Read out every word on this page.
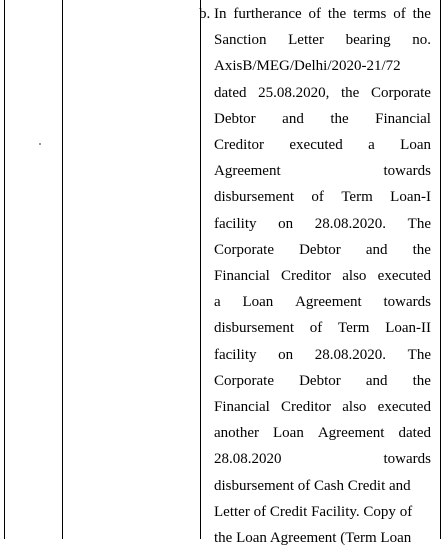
b. In furtherance of the terms of the
Sanction Letter bearing no.
AxisB/MEG/Delhi/2020-21/72
dated 25.08.2020, the Corporate
Debtor and the Financial
Creditor executed a Loan
Agreement	towards
disbursement of Term Loan-I
facility on 28.08.2020. The
Corporate Debtor and the
Financial Creditor also executed
a Loan Agreement towards
disbursement of Term Loan-II
facility on 28.08.2020. The
Corporate Debtor and the
Financial Creditor also executed
another Loan Agreement dated
28.08.2020	towards
disbursement of Cash Credit and
Letter of Credit Facility. Copy of
the Loan Agreement (Term Loan
